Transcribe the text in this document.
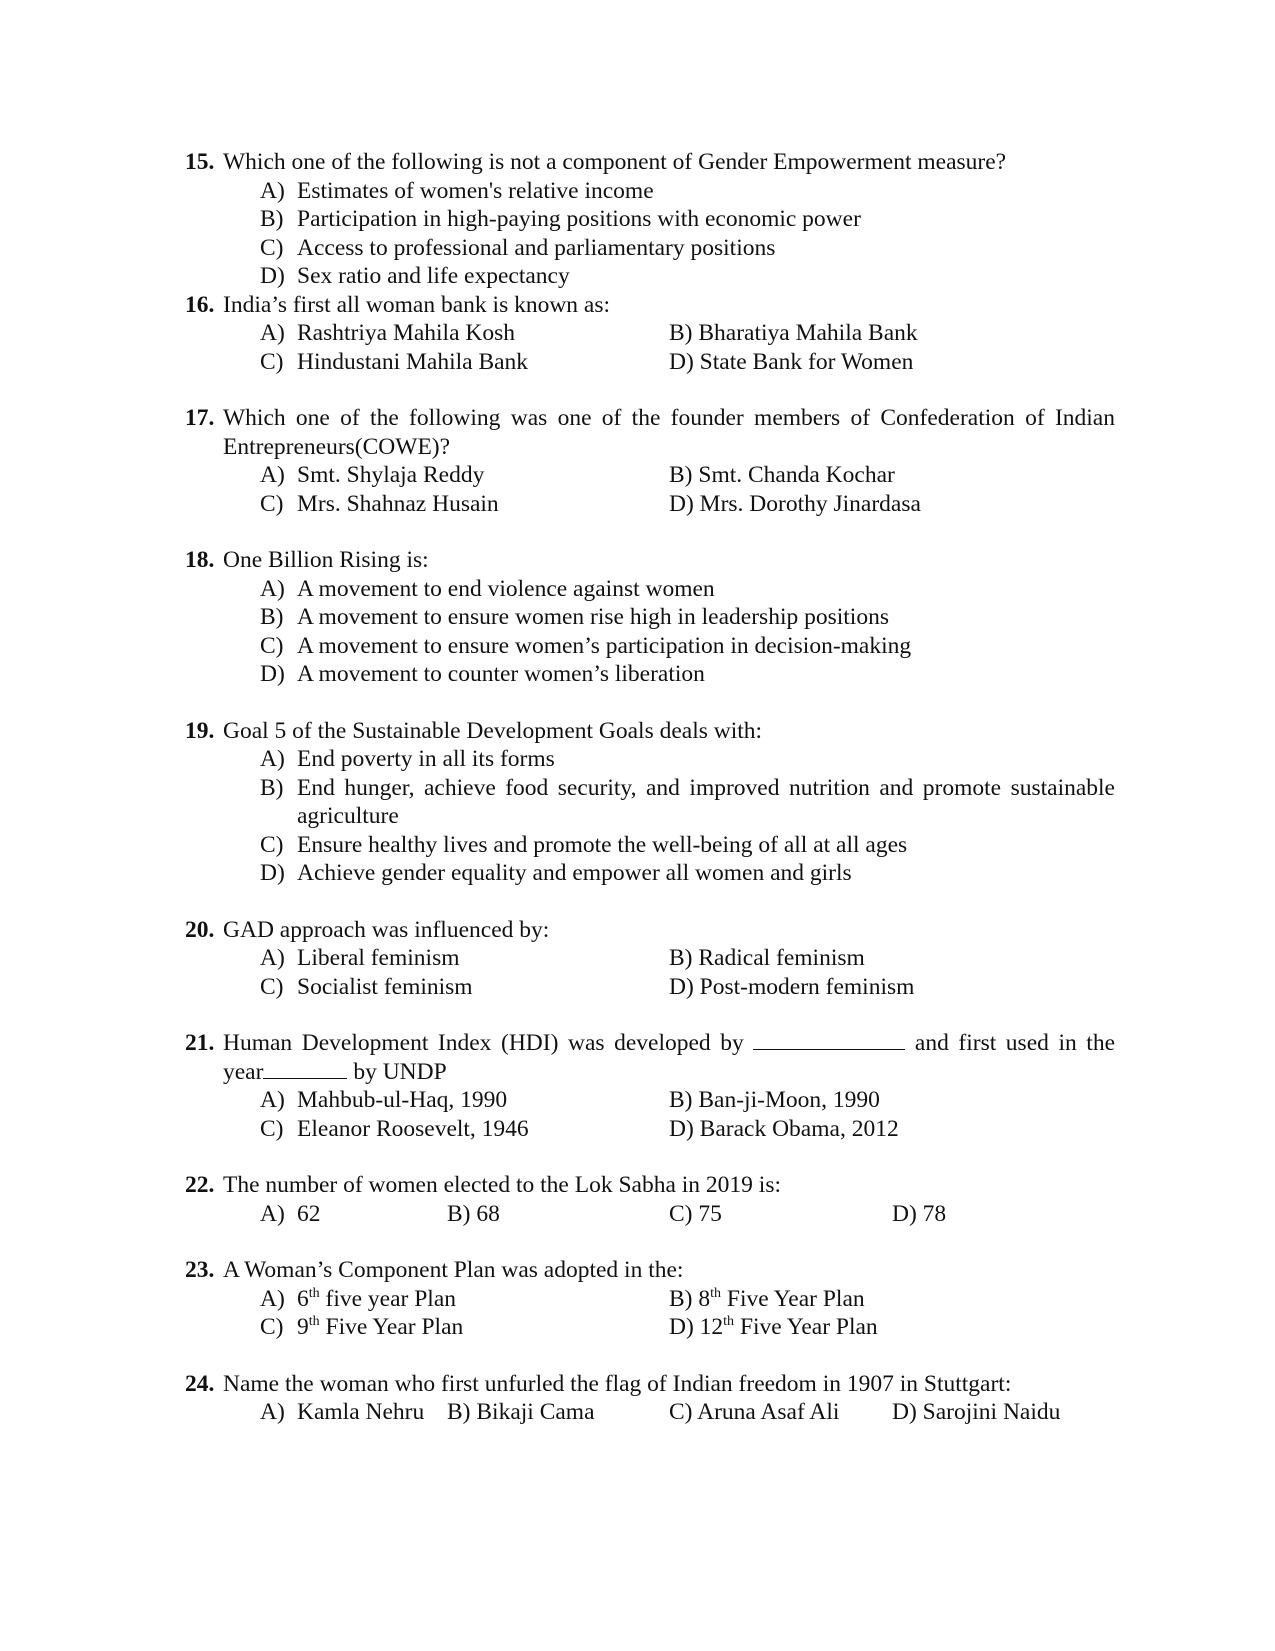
15. Which one of the following is not a component of Gender Empowerment measure?
A) Estimates of women's relative income
B) Participation in high-paying positions with economic power
C) Access to professional and parliamentary positions
D) Sex ratio and life expectancy
16. India’s first all woman bank is known as:
A) Rashtriya Mahila Kosh	B) Bharatiya Mahila Bank
C) Hindustani Mahila Bank	D) State Bank for Women
17. Which one of the following was one of the founder members of Confederation of Indian Entrepreneurs(COWE)?
A) Smt. Shylaja Reddy	B) Smt. Chanda Kochar
C) Mrs. Shahnaz Husain	D) Mrs. Dorothy Jinardasa
18. One Billion Rising is:
A) A movement to end violence against women
B) A movement to ensure women rise high in leadership positions
C) A movement to ensure women’s participation in decision-making
D) A movement to counter women’s liberation
19. Goal 5 of the Sustainable Development Goals deals with:
A) End poverty in all its forms
B) End hunger, achieve food security, and improved nutrition and promote sustainable agriculture
C) Ensure healthy lives and promote the well-being of all at all ages
D) Achieve gender equality and empower all women and girls
20. GAD approach was influenced by:
A) Liberal feminism	B) Radical feminism
C) Socialist feminism	D) Post-modern feminism
21. Human Development Index (HDI) was developed by	and first used in the year	by UNDP
A) Mahbub-ul-Haq, 1990	B) Ban-ji-Moon, 1990
C) Eleanor Roosevelt, 1946	D) Barack Obama, 2012
22. The number of women elected to the Lok Sabha in 2019 is:
A) 62	B) 68	C) 75	D) 78
23. A Woman’s Component Plan was adopted in the:
A) 6th five year Plan	B) 8th Five Year Plan
C) 9th Five Year Plan	D) 12th Five Year Plan
24. Name the woman who first unfurled the flag of Indian freedom in 1907 in Stuttgart:
A) Kamla Nehru B) Bikaji Cama	C) Aruna Asaf Ali D) Sarojini Naidu
